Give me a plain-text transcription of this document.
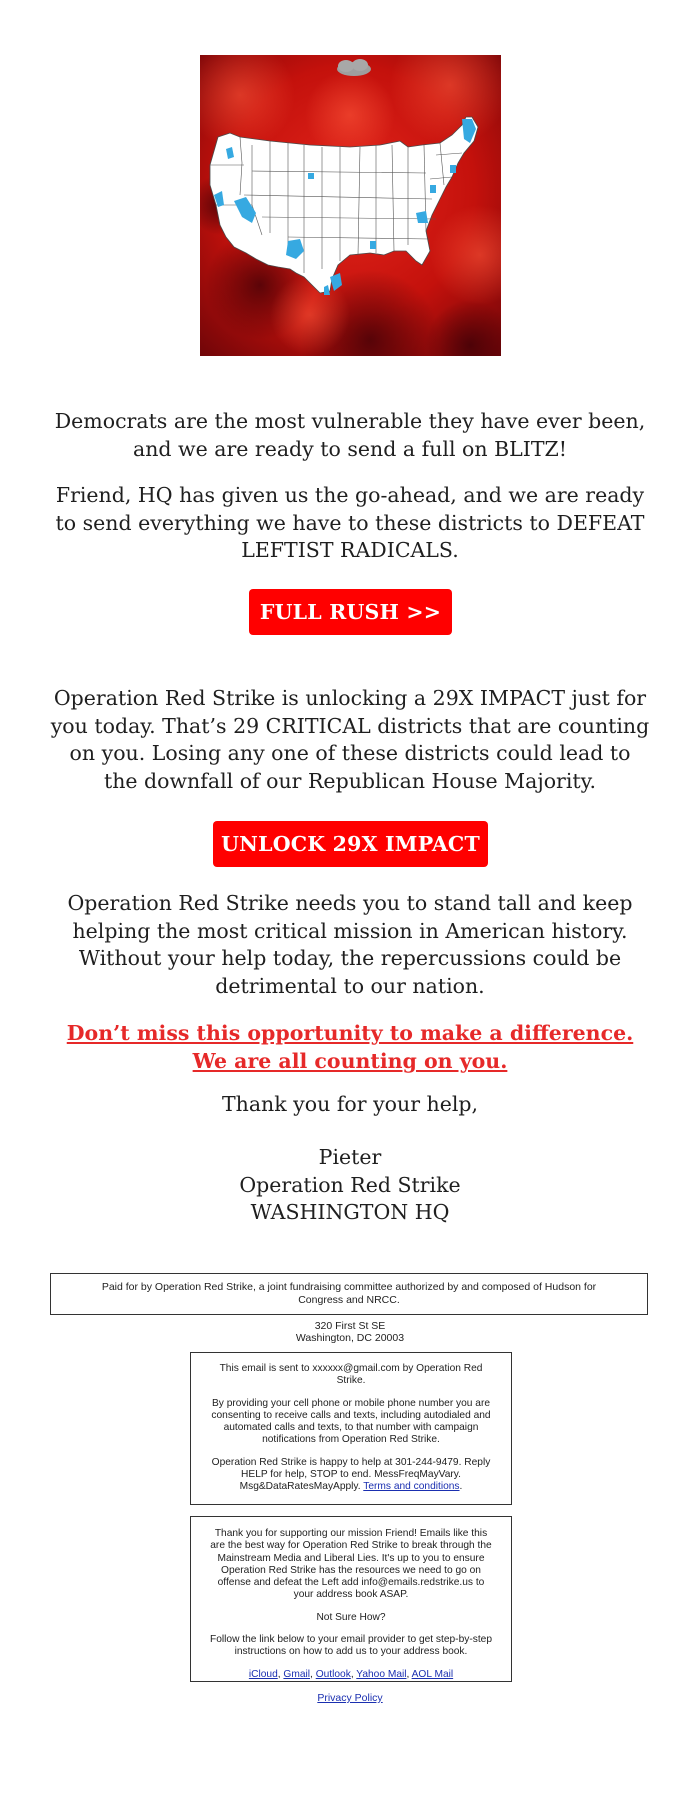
Democrats are the most vulnerable they have ever been, and we are ready to send a full on BLITZ!

Friend, HQ has given us the go-ahead, and we are ready to send everything we have to these districts to DEFEAT LEFTIST RADICALS.

FULL RUSH >>

Operation Red Strike is unlocking a 29X IMPACT just for you today. That’s 29 CRITICAL districts that are counting on you. Losing any one of these districts could lead to the downfall of our Republican House Majority.

UNLOCK 29X IMPACT

Operation Red Strike needs you to stand tall and keep helping the most critical mission in American history. Without your help today, the repercussions could be detrimental to our nation.

Don’t miss this opportunity to make a difference. We are all counting on you.

Thank you for your help,
Pieter
Operation Red Strike
WASHINGTON HQ
Paid for by Operation Red Strike, a joint fundraising committee authorized by and composed of Hudson for Congress and NRCC.
320 First St SE
Washington, DC 20003

This email is sent to xxxxxx@gmail.com by Operation Red Strike.

By providing your cell phone or mobile phone number you are consenting to receive calls and texts, including autodialed and automated calls and texts, to that number with campaign notifications from Operation Red Strike.

Operation Red Strike is happy to help at 301-244-9479. Reply HELP for help, STOP to end. MessFreqMayVary. Msg&DataRatesMayApply. Terms and conditions.

Thank you for supporting our mission Friend! Emails like this are the best way for Operation Red Strike to break through the Mainstream Media and Liberal Lies. It's up to you to ensure Operation Red Strike has the resources we need to go on offense and defeat the Left add info@emails.redstrike.us to your address book ASAP.

Not Sure How?

Follow the link below to your email provider to get step-by-step instructions on how to add us to your address book.

iCloud, Gmail, Outlook, Yahoo Mail, AOL Mail

Privacy Policy
